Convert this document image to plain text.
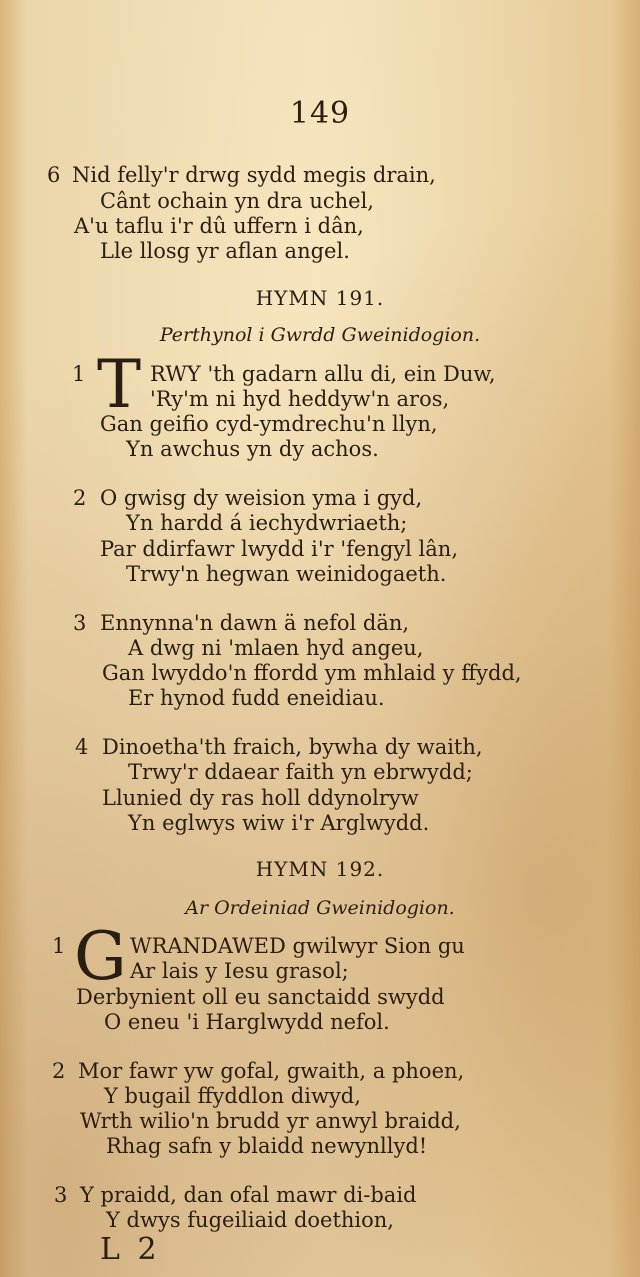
149
6 Nid felly'r drwg sydd megis drain,
Cânt ochain yn dra uchel,
A'u taflu i'r dû uffern i dân,
Lle llosg yr aflan angel.
HYMN 191.
Perthynol i Gwrdd Gweinidogion.
1 T RWY 'th gadarn allu di, ein Duw,
'Ry'm ni hyd heddyw'n aros,
Gan geifio cyd-ymdrechu'n llyn,
Yn awchus yn dy achos.
2 O gwisg dy weision yma i gyd,
Yn hardd á iechydwriaeth;
Par ddirfawr lwydd i'r 'fengyl lân,
Trwy'n hegwan weinidogaeth.
3 Ennynna'n dawn ä nefol dän,
A dwg ni 'mlaen hyd angeu,
Gan lwyddo'n ffordd ym mhlaid y ffydd,
Er hynod fudd eneidiau.
4 Dinoetha'th fraich, bywha dy waith,
Trwy'r ddaear faith yn ebrwydd;
Llunied dy ras holl ddynolryw
Yn eglwys wiw i'r Arglwydd.
HYMN 192.
Ar Ordeiniad Gweinidogion.
1 G WRANDAWED gwilwyr Sion gu
Ar lais y Iesu grasol;
Derbynient oll eu sanctaidd swydd
O eneu 'i Harglwydd nefol.
2 Mor fawr yw gofal, gwaith, a phoen,
Y bugail ffyddlon diwyd,
Wrth wilio'n brudd yr anwyl braidd,
Rhag safn y blaidd newynllyd!
3 Y praidd, dan ofal mawr di-baid
Y dwys fugeiliaid doethion,
L 2
